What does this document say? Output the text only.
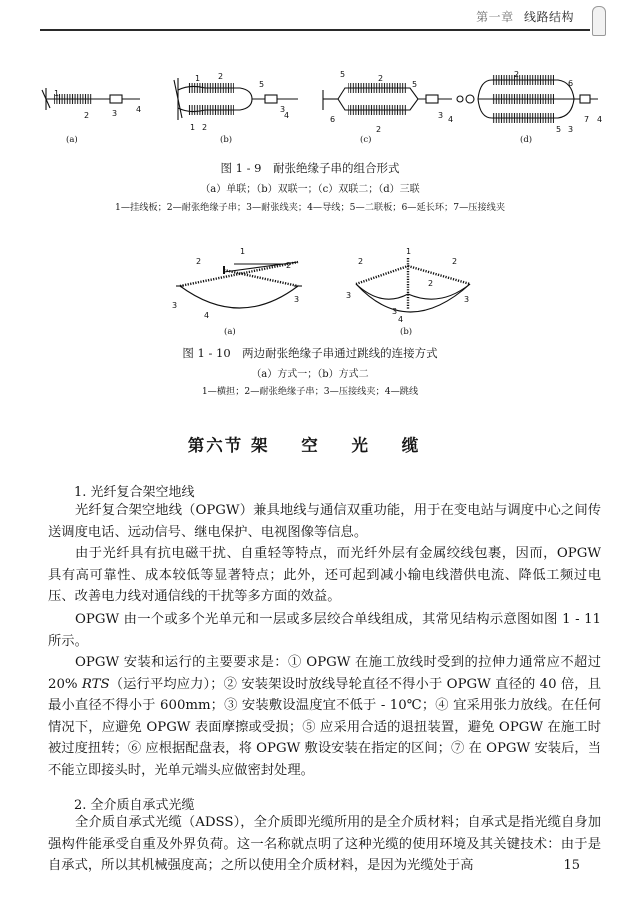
第一章 线路结构
1
2	3 4
1 2
5
3
4
1 2
5	2
5
6
2
3 4
2
6
7 4
5 3
(a)	(b)	(c)	(d)
图 1 - 9　耐张绝缘子串的组合形式
（a）单联；（b）双联一；（c）双联二；（d）三联
1—挂线板；2—耐张绝缘子串；3—耐张线夹；4—导线；5—二联板；6—延长环；7—压接线夹
1
2	2
3
3
4
1
2	2
2
3	3
3
4
(a)	(b)
图 1 - 10　两边耐张绝缘子串通过跳线的连接方式
（a）方式一；（b）方式二
1—横担；2—耐张绝缘子串；3—压接线夹；4—跳线
第六节 架 空 光 缆
1. 光纤复合架空地线

光纤复合架空地线（OPGW）兼具地线与通信双重功能，用于在变电站与调度中心之间传送调度电话、远动信号、继电保护、电视图像等信息。

由于光纤具有抗电磁干扰、自重轻等特点，而光纤外层有金属绞线包裹，因而，OPGW 具有高可靠性、成本较低等显著特点；此外，还可起到减小输电线潜供电流、降低工频过电压、改善电力线对通信线的干扰等多方面的效益。

OPGW 由一个或多个光单元和一层或多层绞合单线组成，其常见结构示意图如图 1 - 11 所示。

OPGW 安装和运行的主要要求是：① OPGW 在施工放线时受到的拉伸力通常应不超过 20% RTS（运行平均应力）；② 安装架设时放线导轮直径不得小于 OPGW 直径的 40 倍，且最小直径不得小于 600mm；③ 安装敷设温度宜不低于 - 10℃；④ 宜采用张力放线。在任何情况下，应避免 OPGW 表面摩擦或受损；⑤ 应采用合适的退扭装置，避免 OPGW 在施工时被过度扭转；⑥ 应根据配盘表，将 OPGW 敷设安装在指定的区间；⑦ 在 OPGW 安装后，当不能立即接头时，光单元端头应做密封处理。

2. 全介质自承式光缆

全介质自承式光缆（ADSS），全介质即光缆所用的是全介质材料；自承式是指光缆自身加强构件能承受自重及外界负荷。这一名称就点明了这种光缆的使用环境及其关键技术：由于是自承式，所以其机械强度高；之所以使用全介质材料，是因为光缆处于高	15
